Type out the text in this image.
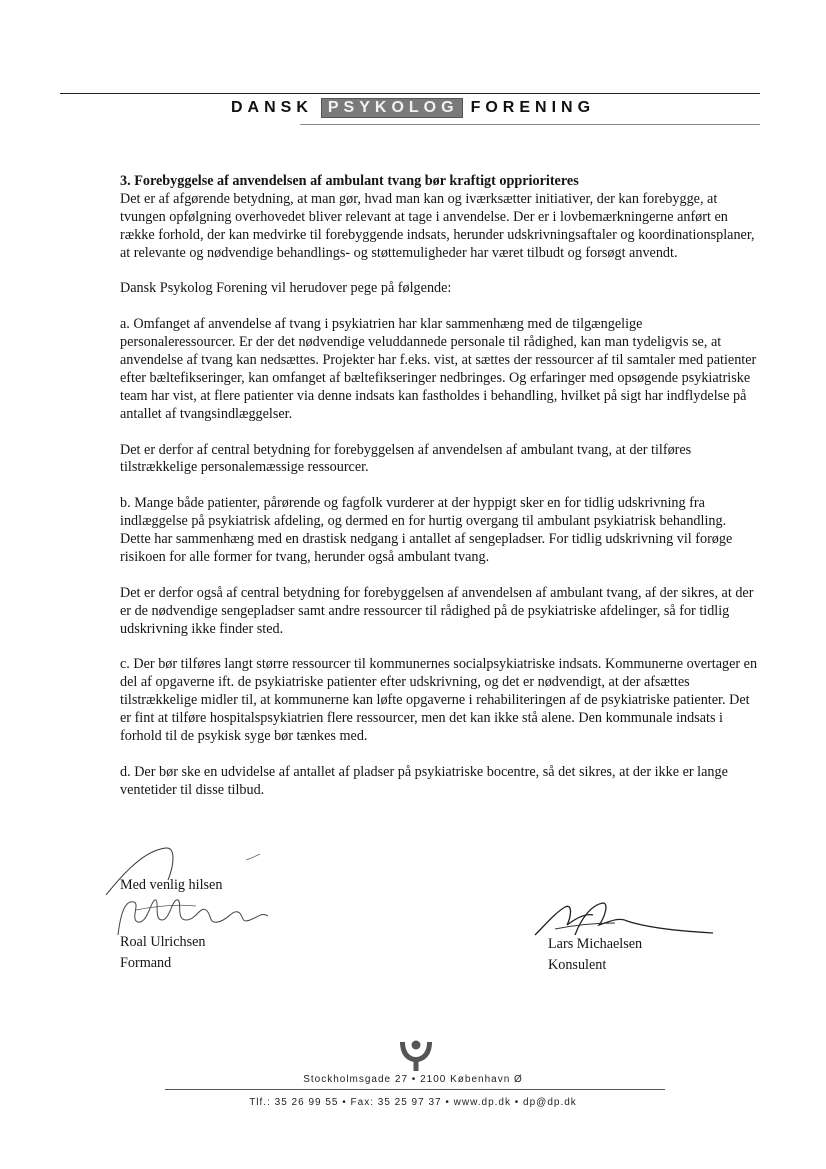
DANSK PSYKOLOG FORENING
3. Forebyggelse af anvendelsen af ambulant tvang bør kraftigt opprioriteres

Det er af afgørende betydning, at man gør, hvad man kan og iværksætter initiativer, der kan forebygge, at tvungen opfølgning overhovedet bliver relevant at tage i anvendelse. Der er i lovbemærkningerne anført en række forhold, der kan medvirke til forebyggende indsats, herunder udskrivningsaftaler og koordinationsplaner, at relevante og nødvendige behandlings- og støttemuligheder har været tilbudt og forsøgt anvendt.

Dansk Psykolog Forening vil herudover pege på følgende:

a. Omfanget af anvendelse af tvang i psykiatrien har klar sammenhæng med de tilgængelige personaleressourcer. Er der det nødvendige veluddannede personale til rådighed, kan man tydeligvis se, at anvendelse af tvang kan nedsættes. Projekter har f.eks. vist, at sættes der ressourcer af til samtaler med patienter efter bæltefikseringer, kan omfanget af bæltefikseringer nedbringes. Og erfaringer med opsøgende psykiatriske team har vist, at flere patienter via denne indsats kan fastholdes i behandling, hvilket på sigt har indflydelse på antallet af tvangsindlæggelser.

Det er derfor af central betydning for forebyggelsen af anvendelsen af ambulant tvang, at der tilføres tilstrækkelige personalemæssige ressourcer.

b. Mange både patienter, pårørende og fagfolk vurderer at der hyppigt sker en for tidlig udskrivning fra indlæggelse på psykiatrisk afdeling, og dermed en for hurtig overgang til ambulant psykiatrisk behandling. Dette har sammenhæng med en drastisk nedgang i antallet af sengepladser. For tidlig udskrivning vil forøge risikoen for alle former for tvang, herunder også ambulant tvang.

Det er derfor også af central betydning for forebyggelsen af anvendelsen af ambulant tvang, af der sikres, at der er de nødvendige sengepladser samt andre ressourcer til rådighed på de psykiatriske afdelinger, så for tidlig udskrivning ikke finder sted.

c. Der bør tilføres langt større ressourcer til kommunernes socialpsykiatriske indsats. Kommunerne overtager en del af opgaverne ift. de psykiatriske patienter efter udskrivning, og det er nødvendigt, at der afsættes tilstrækkelige midler til, at kommunerne kan løfte opgaverne i rehabiliteringen af de psykiatriske patienter. Det er fint at tilføre hospitalspsykiatrien flere ressourcer, men det kan ikke stå alene. Den kommunale indsats i forhold til de psykisk syge bør tænkes med.

d. Der bør ske en udvidelse af antallet af pladser på psykiatriske bocentre, så det sikres, at der ikke er lange ventetider til disse tilbud.

Med venlig hilsen
Roal Ulrichsen
Formand
Lars Michaelsen
Konsulent
Stockholmsgade 27 • 2100 København Ø
Tlf.: 35 26 99 55 • Fax: 35 25 97 37 • www.dp.dk • dp@dp.dk
